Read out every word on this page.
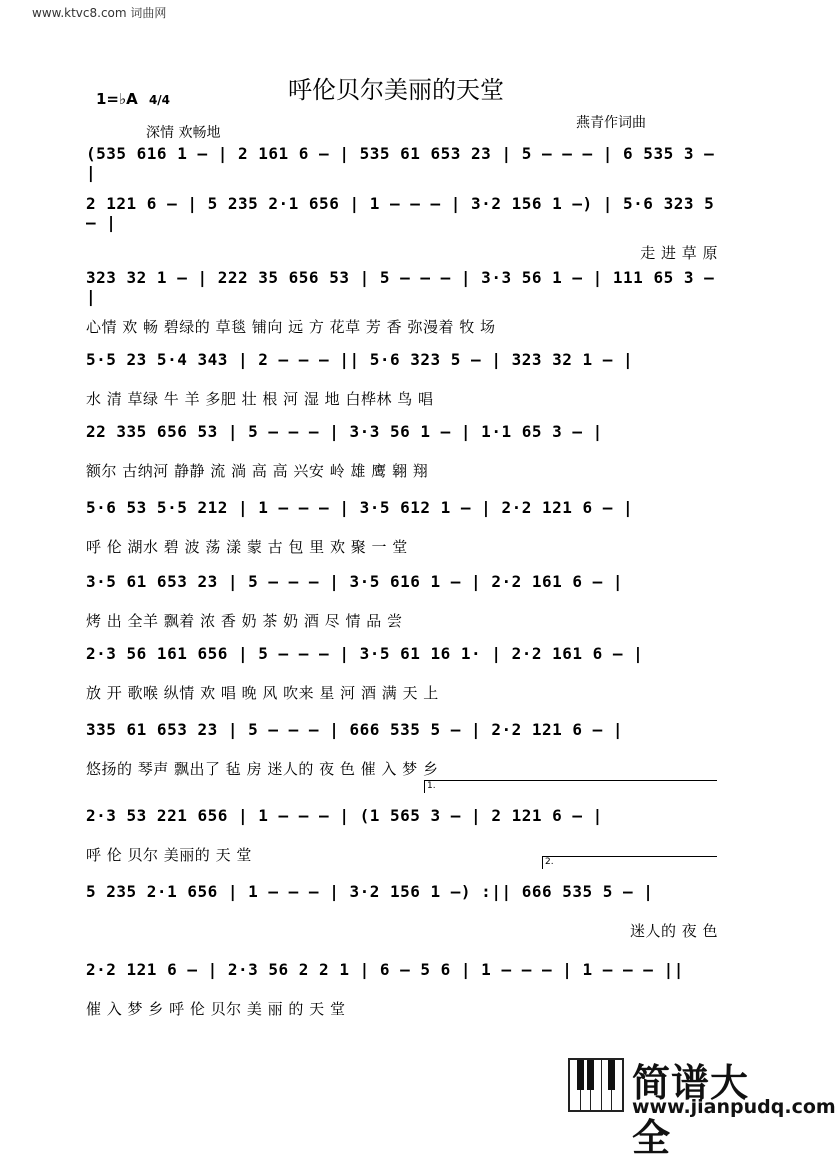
www.ktvc8.com 词曲网
呼伦贝尔美丽的天堂
1=♭A 4/4
深情 欢畅地
燕青作词曲
(535 616 1 – | 2 161 6 – | 535 61 653 23 | 5 – – – | 6 535 3 – |
2 121 6 – | 5 235 2·1 656 | 1 – – – | 3·2 156 1 –) | 5·6 323 5 – |
走 进 草 原
323 32 1 – | 222 35 656 53 | 5 – – – | 3·3 56 1 – | 111 65 3 – |
心情 欢 畅 碧绿的 草毯 铺向 远 方 花草 芳 香 弥漫着 牧 场
5·5 23 5·4 343 | 2 – – – || 5·6 323 5 – | 323 32 1 – |
水 清 草绿 牛 羊 多肥 壮 根 河 湿 地 白桦林 鸟 唱
22 335 656 53 | 5 – – – | 3·3 56 1 – | 1·1 65 3 – |
额尔 古纳河 静静 流 淌 高 高 兴安 岭 雄 鹰 翱 翔
5·6 53 5·5 212 | 1 – – – | 3·5 612 1 – | 2·2 121 6 – |
呼 伦 湖水 碧 波 荡 漾 蒙 古 包 里 欢 聚 一 堂
3·5 61 653 23 | 5 – – – | 3·5 616 1 – | 2·2 161 6 – |
烤 出 全羊 飘着 浓 香 奶 茶 奶 酒 尽 情 品 尝
2·3 56 161 656 | 5 – – – | 3·5 61 16 1· | 2·2 161 6 – |
放 开 歌喉 纵情 欢 唱 晚 风 吹来 星 河 酒 满 天 上
335 61 653 23 | 5 – – – | 666 535 5 – | 2·2 121 6 – |
悠扬的 琴声 飘出了 毡 房 迷人的 夜 色 催 入 梦 乡
1.
2·3 53 221 656 | 1 – – – | (1 565 3 – | 2 121 6 – |
呼 伦 贝尔 美丽的 天 堂	2.
5 235 2·1 656 | 1 – – – | 3·2 156 1 –) :|| 666 535 5 – |
迷人的 夜 色
2·2 121 6 – | 2·3 56 2 2 1 | 6 – 5 6 | 1 – – – | 1 – – – ||
催 入 梦 乡 呼 伦 贝尔 美 丽 的 天 堂
简谱大全
www.jianpudq.com
